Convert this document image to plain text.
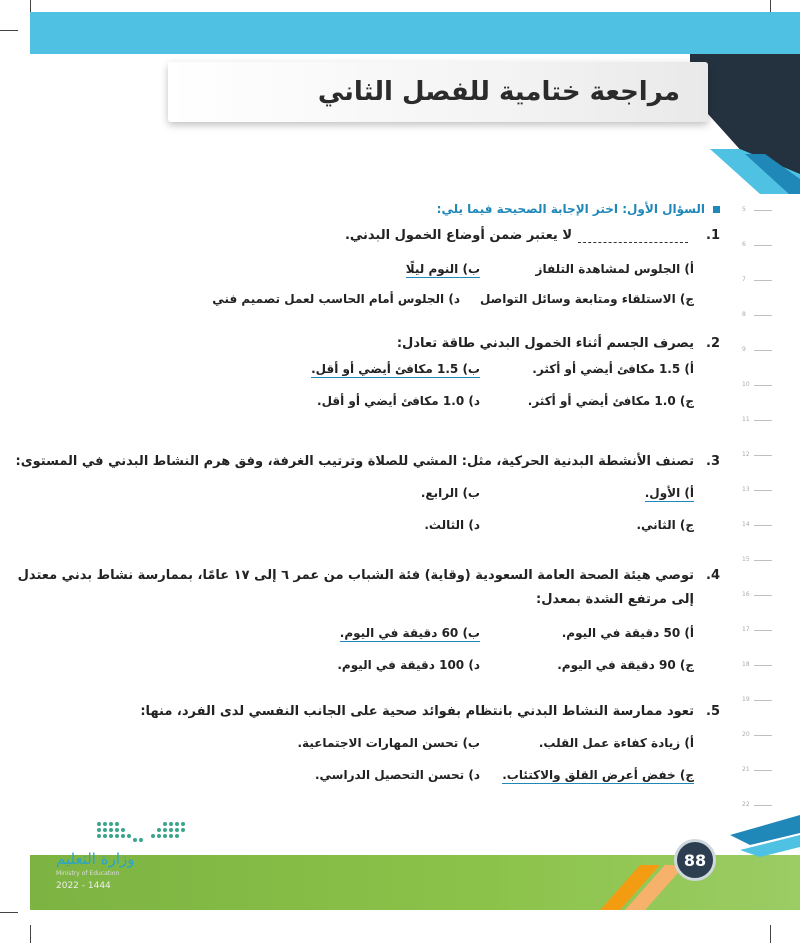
مراجعة ختامية للفصل الثاني
5
6
7
8
9
10
11
12
13
14
15
16
17
18
19
20
21
22
السؤال الأول: اختر الإجابة الصحيحة فيما يلي:
1.لا يعتبر ضمن أوضاع الخمول البدني.
أ) الجلوس لمشاهدة التلفاز
ب) النوم ليلًا
ج) الاستلقاء ومتابعة وسائل التواصل
د) الجلوس أمام الحاسب لعمل تصميم فني
2.يصرف الجسم أثناء الخمول البدني طاقة تعادل:
أ) 1.5 مكافئ أيضي أو أكثر.
ب) 1.5 مكافئ أيضي أو أقل.
ج) 1.0 مكافئ أيضي أو أكثر.
د) 1.0 مكافئ أيضي أو أقل.
3.تصنف الأنشطة البدنية الحركية، مثل: المشي للصلاة وترتيب الغرفة، وفق هرم النشاط البدني في المستوى:
أ) الأول.
ب) الرابع.
ج) الثاني.
د) الثالث.
4.توصي هيئة الصحة العامة السعودية (وقاية) فئة الشباب من عمر ٦ إلى ١٧ عامًا، بممارسة نشاط بدني معتدل
إلى مرتفع الشدة بمعدل:
أ) 50 دقيقة في اليوم.
ب) 60 دقيقة في اليوم.
ج) 90 دقيقة في اليوم.
د) 100 دقيقة في اليوم.
5.تعود ممارسة النشاط البدني بانتظام بفوائد صحية على الجانب النفسي لدى الفرد، منها:
أ) زيادة كفاءة عمل القلب.
ب) تحسن المهارات الاجتماعية.
ج) خفض أعرض القلق والاكتئاب.
د) تحسن التحصيل الدراسي.
88
وزارة التعليم
Ministry of Education
2022 - 1444
